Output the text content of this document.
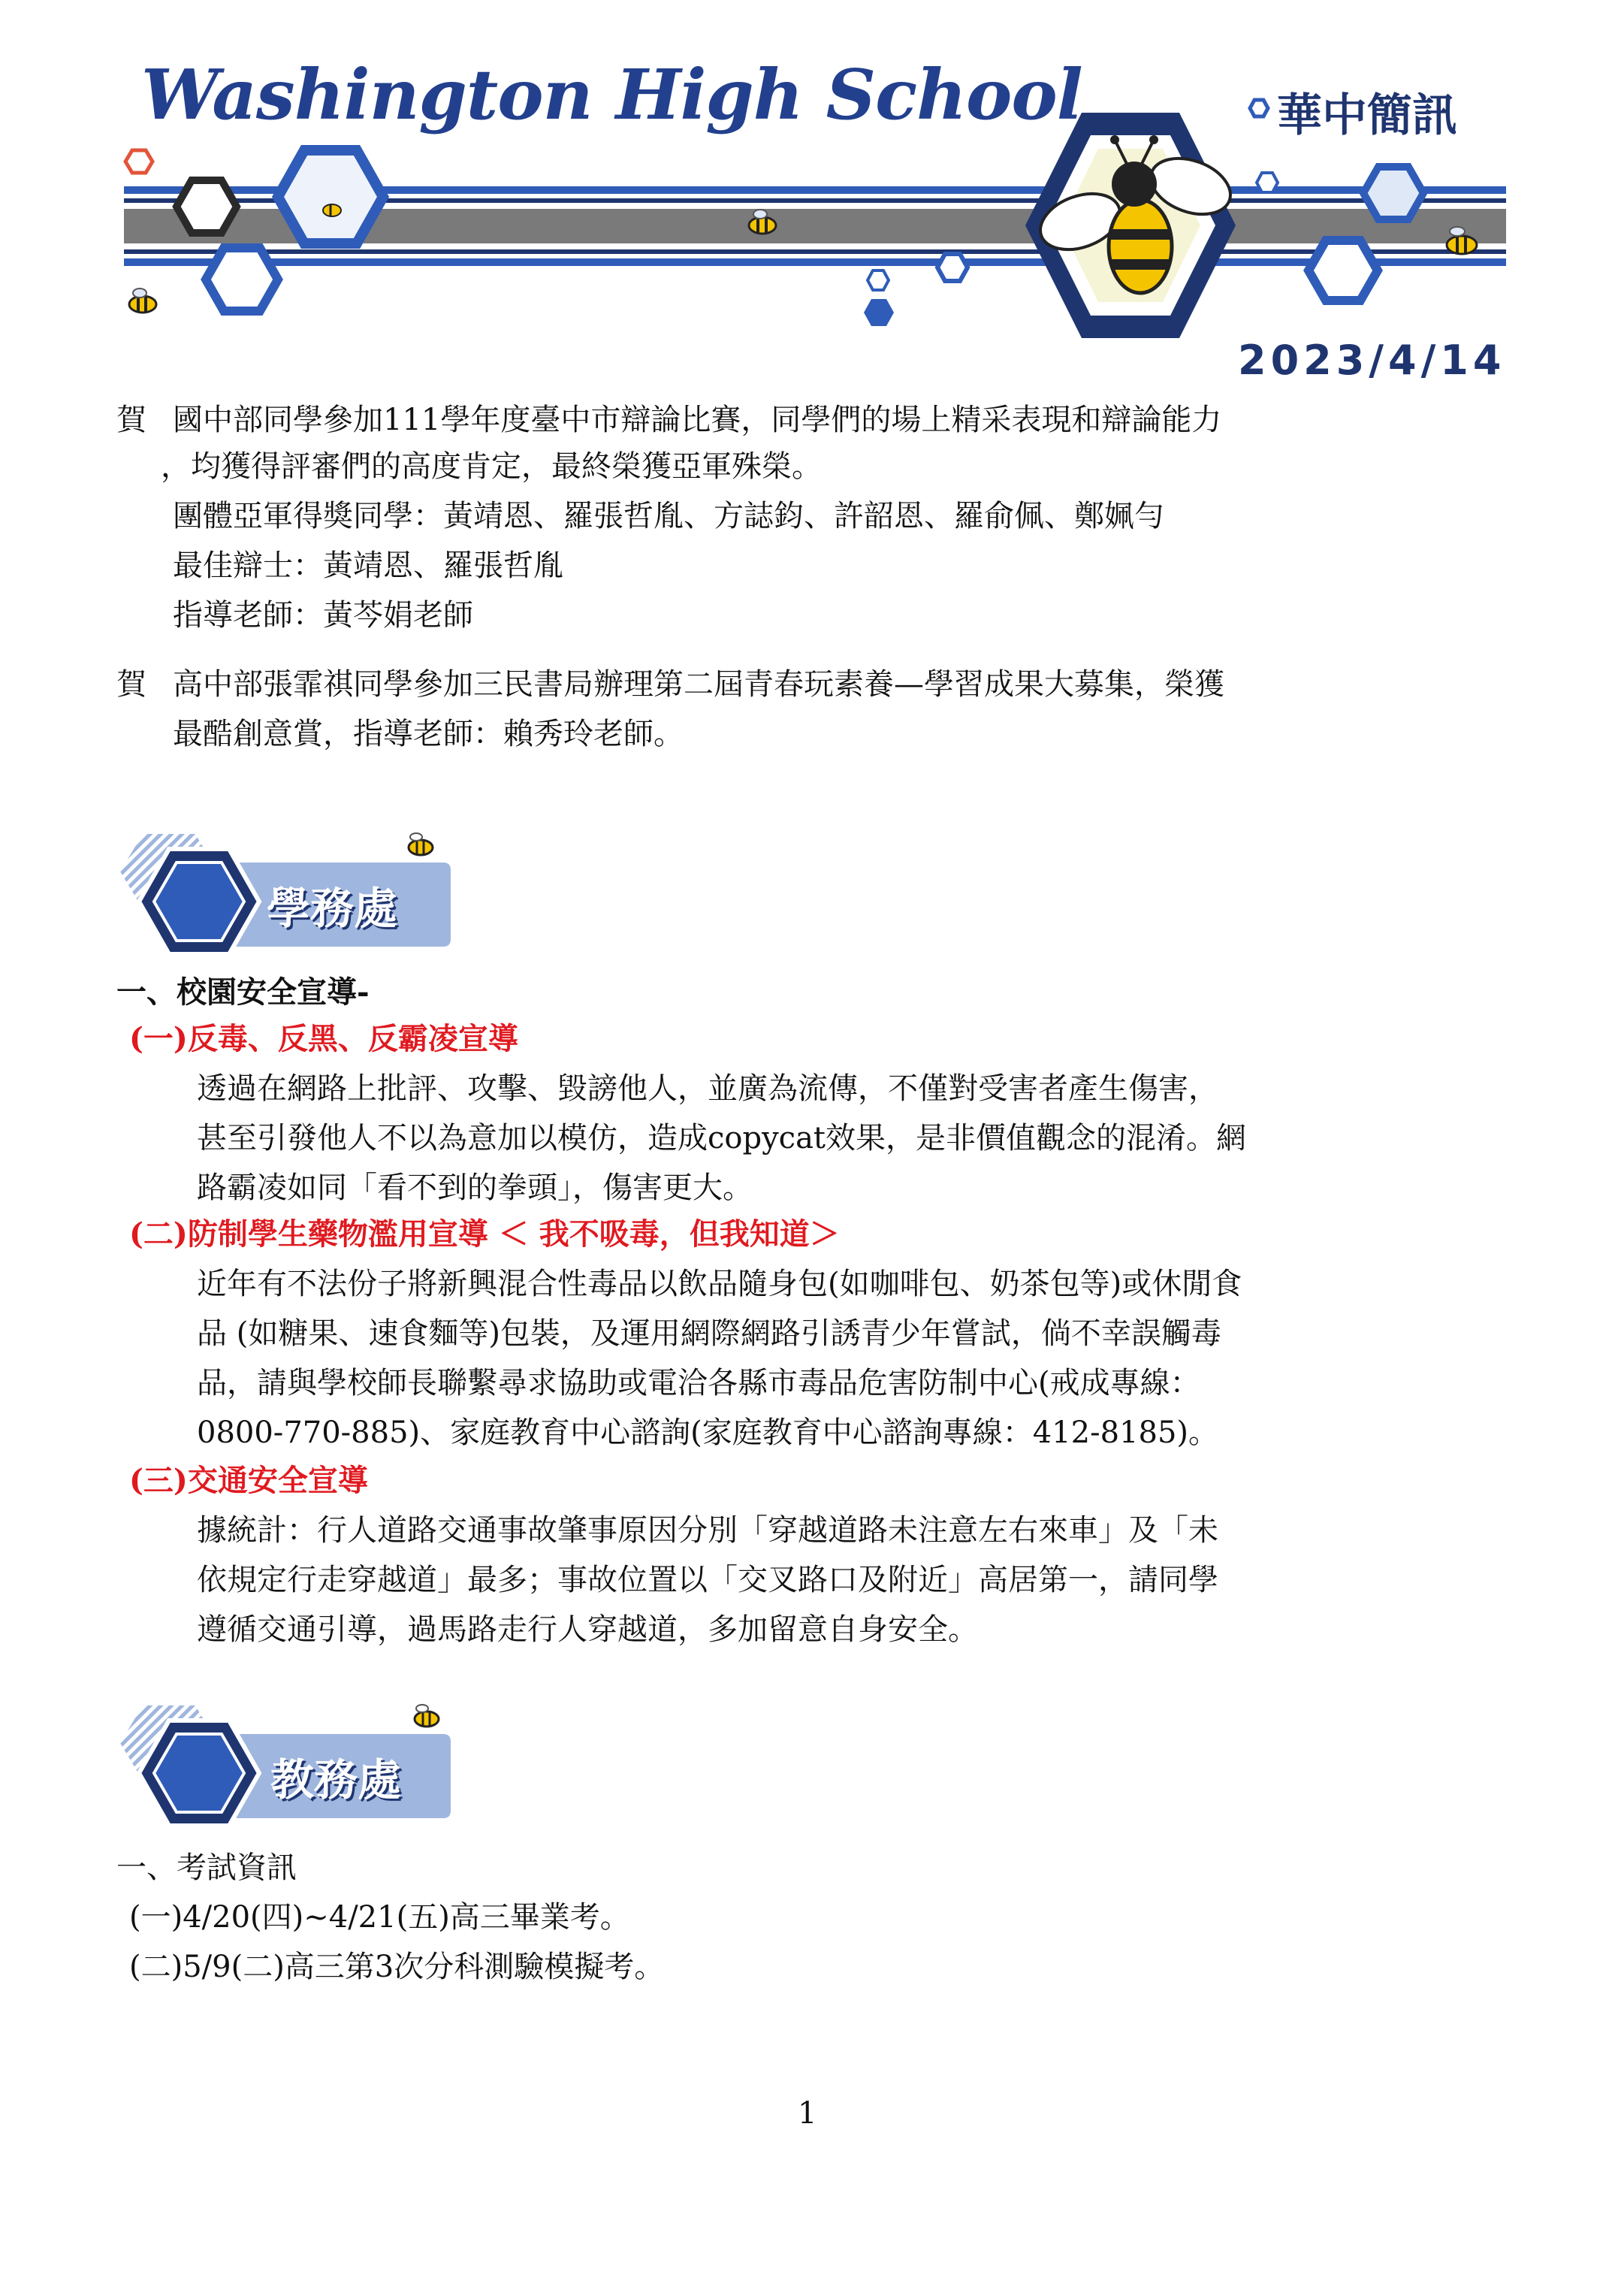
Washington High School	華中簡訊
2023/4/14
賀 國中部同學參加111學年度臺中市辯論比賽，同學們的場上精采表現和辯論能力
，均獲得評審們的高度肯定，最終榮獲亞軍殊榮。
團體亞軍得獎同學：黃靖恩、羅張哲胤、方誌鈞、許韶恩、羅俞佩、鄭姵勻
最佳辯士：黃靖恩、羅張哲胤
指導老師：黃芩娟老師
賀 高中部張霏祺同學參加三民書局辦理第二屆青春玩素養—學習成果大募集，榮獲
最酷創意賞，指導老師：賴秀玲老師。
學務處
一、校園安全宣導-
(一)反毒、反黑、反霸凌宣導
透過在網路上批評、攻擊、毀謗他人，並廣為流傳，不僅對受害者產生傷害，
甚至引發他人不以為意加以模仿，造成copycat效果，是非價值觀念的混淆。網
路霸凌如同「看不到的拳頭」，傷害更大。
(二)防制學生藥物濫用宣導 ＜ 我不吸毒，但我知道＞
近年有不法份子將新興混合性毒品以飲品隨身包(如咖啡包、奶茶包等)或休閒食
品 (如糖果、速食麵等)包裝，及運用網際網路引誘青少年嘗試，倘不幸誤觸毒
品，請與學校師長聯繫尋求協助或電洽各縣市毒品危害防制中心(戒成專線：
0800-770-885)、家庭教育中心諮詢(家庭教育中心諮詢專線：412-8185)。
(三)交通安全宣導
據統計：行人道路交通事故肇事原因分別「穿越道路未注意左右來車」及「未
依規定行走穿越道」最多；事故位置以「交叉路口及附近」高居第一，請同學
遵循交通引導，過馬路走行人穿越道，多加留意自身安全。
教務處
一、考試資訊
(一)4/20(四)~4/21(五)高三畢業考。
(二)5/9(二)高三第3次分科測驗模擬考。
1
